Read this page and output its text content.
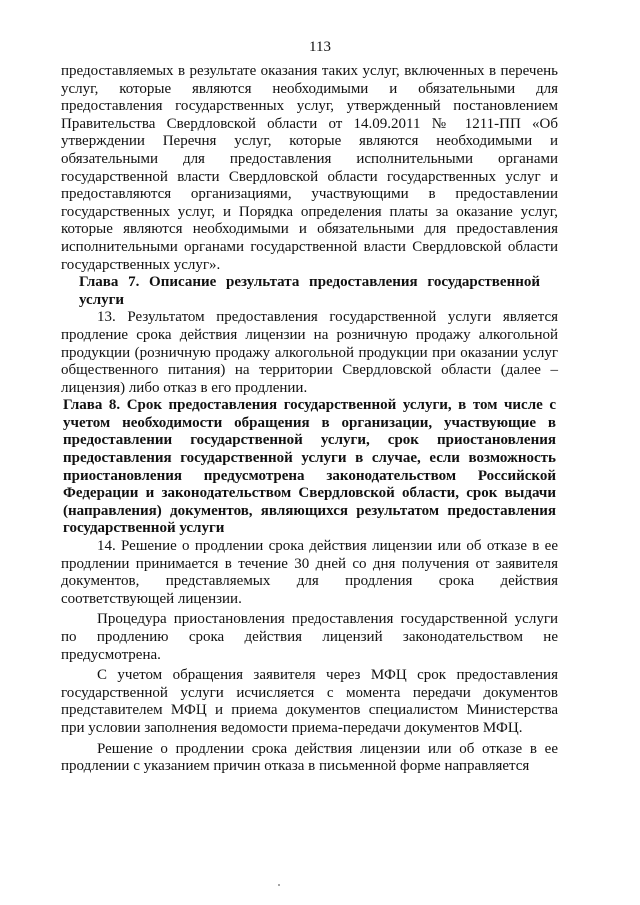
113

предоставляемых в результате оказания таких услуг, включенных в перечень услуг, которые являются необходимыми и обязательными для предоставления государственных услуг, утвержденный постановлением Правительства Свердловской области от 14.09.2011 № 1211-ПП «Об утверждении Перечня услуг, которые являются необходимыми и обязательными для предоставления исполнительными органами государственной власти Свердловской области государственных услуг и предоставляются организациями, участвующими в предоставлении государственных услуг, и Порядка определения платы за оказание услуг, которые являются необходимыми и обязательными для предоставления исполнительными органами государственной власти Свердловской области государственных услуг».

Глава 7. Описание результата предоставления государственной услуги

13. Результатом предоставления государственной услуги является продление срока действия лицензии на розничную продажу алкогольной продукции (розничную продажу алкогольной продукции при оказании услуг общественного питания) на территории Свердловской области (далее – лицензия) либо отказ в его продлении.

Глава 8. Срок предоставления государственной услуги, в том числе с учетом необходимости обращения в организации, участвующие в предоставлении государственной услуги, срок приостановления предоставления государственной услуги в случае, если возможность приостановления предусмотрена законодательством Российской Федерации и законодательством Свердловской области, срок выдачи (направления) документов, являющихся результатом предоставления государственной услуги

14. Решение о продлении срока действия лицензии или об отказе в ее продлении принимается в течение 30 дней со дня получения от заявителя документов, представляемых для продления срока действия соответствующей лицензии.

Процедура приостановления предоставления государственной услуги по продлению срока действия лицензий законодательством не предусмотрена.

С учетом обращения заявителя через МФЦ срок предоставления государственной услуги исчисляется с момента передачи документов представителем МФЦ и приема документов специалистом Министерства при условии заполнения ведомости приема-передачи документов МФЦ.

Решение о продлении срока действия лицензии или об отказе в ее продлении с указанием причин отказа в письменной форме направляется
